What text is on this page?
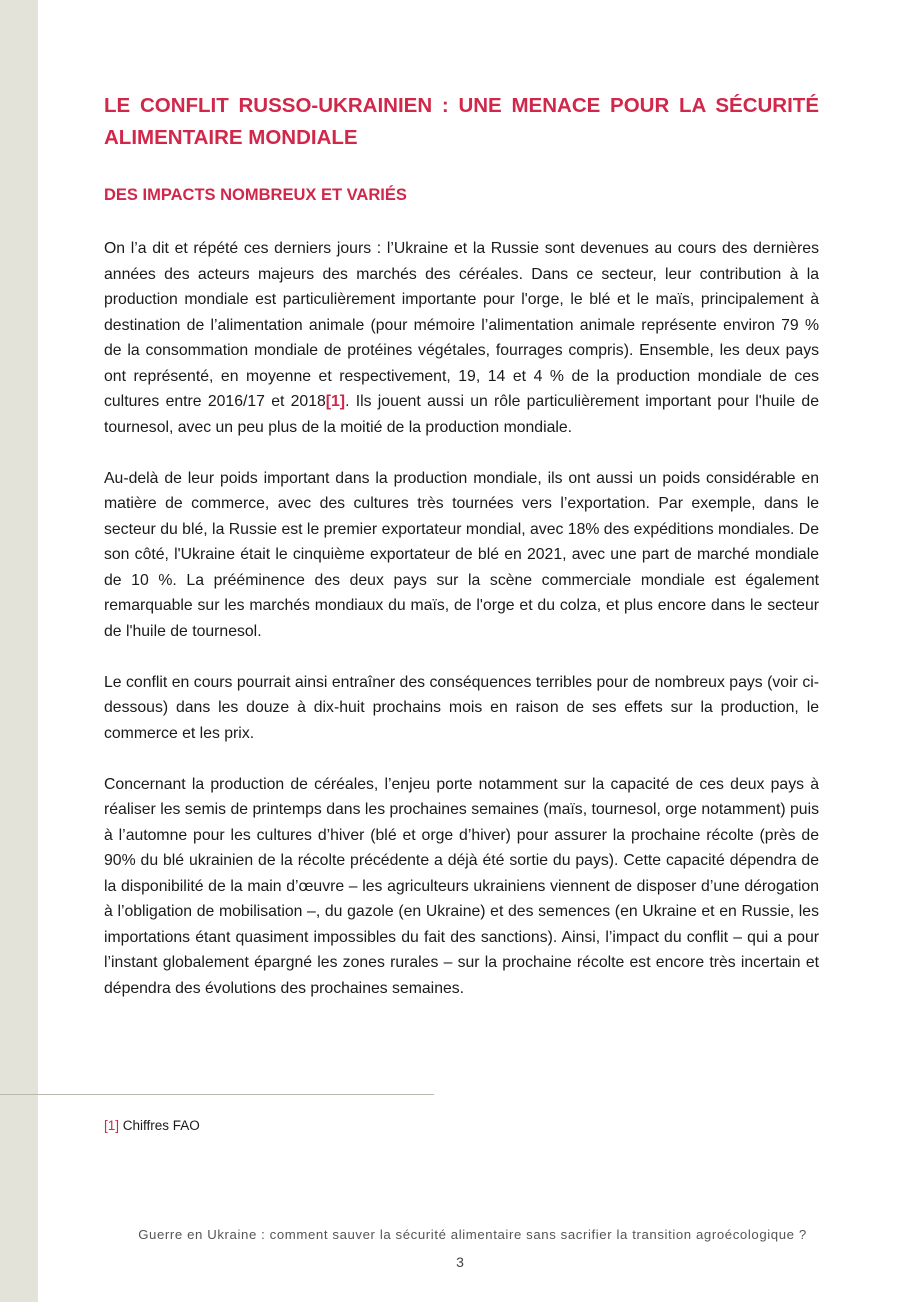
LE CONFLIT RUSSO-UKRAINIEN : UNE MENACE POUR LA SÉCURITÉ ALIMENTAIRE MONDIALE
DES IMPACTS NOMBREUX ET VARIÉS

On l’a dit et répété ces derniers jours : l’Ukraine et la Russie sont devenues au cours des dernières années des acteurs majeurs des marchés des céréales. Dans ce secteur, leur contribution à la production mondiale est particulièrement importante pour l'orge, le blé et le maïs, principalement à destination de l’alimentation animale (pour mémoire l’alimentation animale représente environ 79 % de la consommation mondiale de protéines végétales, fourrages compris). Ensemble, les deux pays ont représenté, en moyenne et respectivement, 19, 14 et 4 % de la production mondiale de ces cultures entre 2016/17 et 2018[1]. Ils jouent aussi un rôle particulièrement important pour l'huile de tournesol, avec un peu plus de la moitié de la production mondiale.

Au-delà de leur poids important dans la production mondiale, ils ont aussi un poids considérable en matière de commerce, avec des cultures très tournées vers l’exportation. Par exemple, dans le secteur du blé, la Russie est le premier exportateur mondial, avec 18% des expéditions mondiales. De son côté, l'Ukraine était le cinquième exportateur de blé en 2021, avec une part de marché mondiale de 10 %. La prééminence des deux pays sur la scène commerciale mondiale est également remarquable sur les marchés mondiaux du maïs, de l'orge et du colza, et plus encore dans le secteur de l'huile de tournesol.

Le conflit en cours pourrait ainsi entraîner des conséquences terribles pour de nombreux pays (voir ci-dessous) dans les douze à dix-huit prochains mois en raison de ses effets sur la production, le commerce et les prix.

Concernant la production de céréales, l’enjeu porte notamment sur la capacité de ces deux pays à réaliser les semis de printemps dans les prochaines semaines (maïs, tournesol, orge notamment) puis à l’automne pour les cultures d’hiver (blé et orge d’hiver) pour assurer la prochaine récolte (près de 90% du blé ukrainien de la récolte précédente a déjà été sortie du pays). Cette capacité dépendra de la disponibilité de la main d’œuvre – les agriculteurs ukrainiens viennent de disposer d’une dérogation à l’obligation de mobilisation –, du gazole (en Ukraine) et des semences (en Ukraine et en Russie, les importations étant quasiment impossibles du fait des sanctions). Ainsi, l’impact du conflit – qui a pour l’instant globalement épargné les zones rurales – sur la prochaine récolte est encore très incertain et dépendra des évolutions des prochaines semaines.

[1] Chiffres FAO
Guerre en Ukraine : comment sauver la sécurité alimentaire sans sacrifier la transition agroécologique ?
3
